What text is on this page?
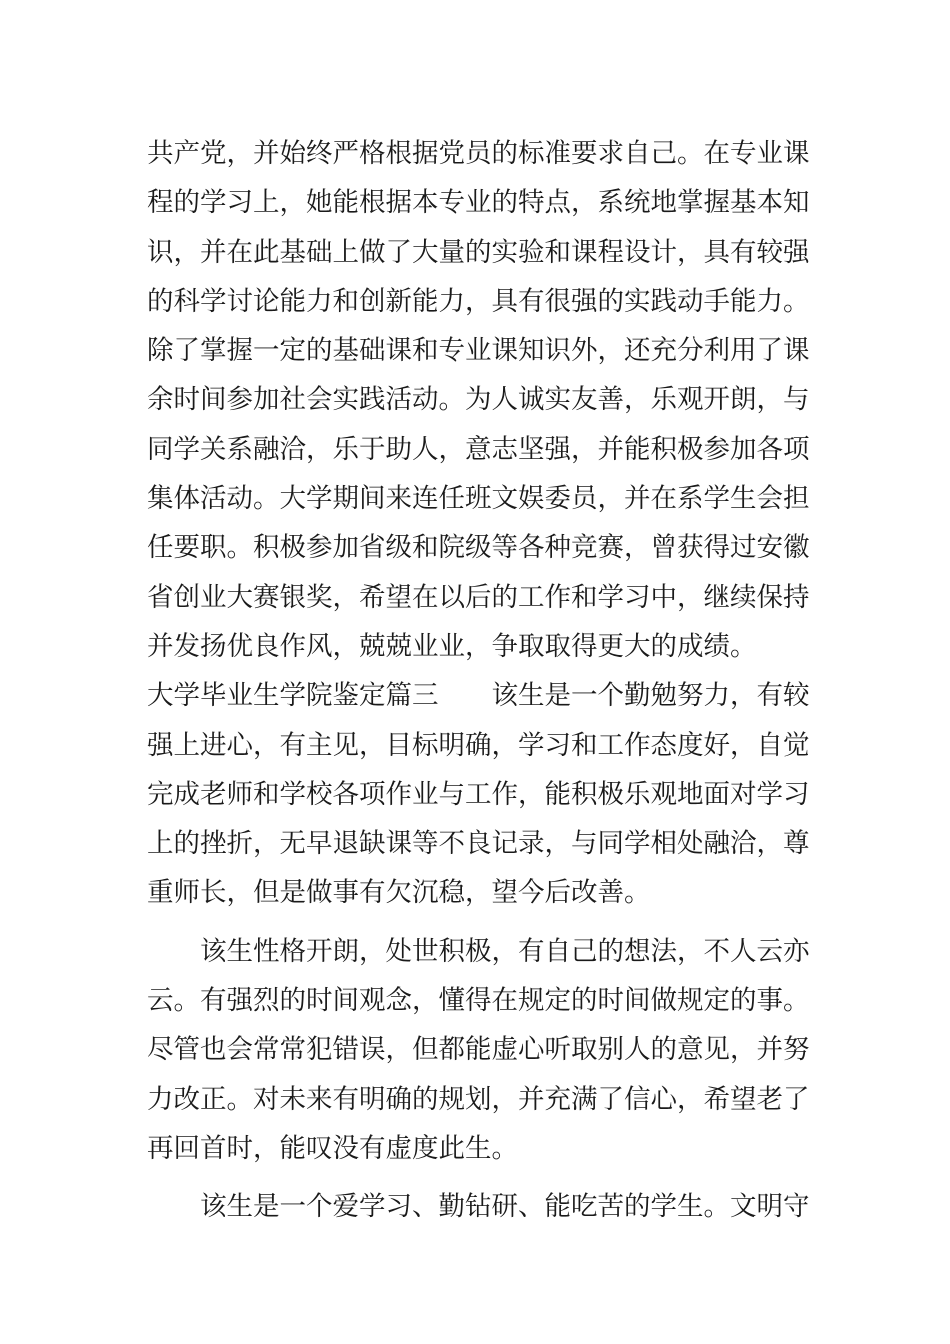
共产党，并始终严格根据党员的标准要求自己。在专业课
程的学习上，她能根据本专业的特点，系统地掌握基本知
识，并在此基础上做了大量的实验和课程设计，具有较强
的科学讨论能力和创新能力，具有很强的实践动手能力。
除了掌握一定的基础课和专业课知识外，还充分利用了课
余时间参加社会实践活动。为人诚实友善，乐观开朗，与
同学关系融洽，乐于助人，意志坚强，并能积极参加各项
集体活动。大学期间来连任班文娱委员，并在系学生会担
任要职。积极参加省级和院级等各种竞赛，曾获得过安徽
省创业大赛银奖，希望在以后的工作和学习中，继续保持
并发扬优良作风，兢兢业业，争取取得更大的成绩。
大学毕业生学院鉴定篇三　　该生是一个勤勉努力，有较
强上进心，有主见，目标明确，学习和工作态度好，自觉
完成老师和学校各项作业与工作，能积极乐观地面对学习
上的挫折，无早退缺课等不良记录，与同学相处融洽，尊
重师长，但是做事有欠沉稳，望今后改善。
　　该生性格开朗，处世积极，有自己的想法，不人云亦
云。有强烈的时间观念，懂得在规定的时间做规定的事。
尽管也会常常犯错误，但都能虚心听取别人的意见，并努
力改正。对未来有明确的规划，并充满了信心，希望老了
再回首时，能叹没有虚度此生。
　　该生是一个爱学习、勤钻研、能吃苦的学生。文明守
